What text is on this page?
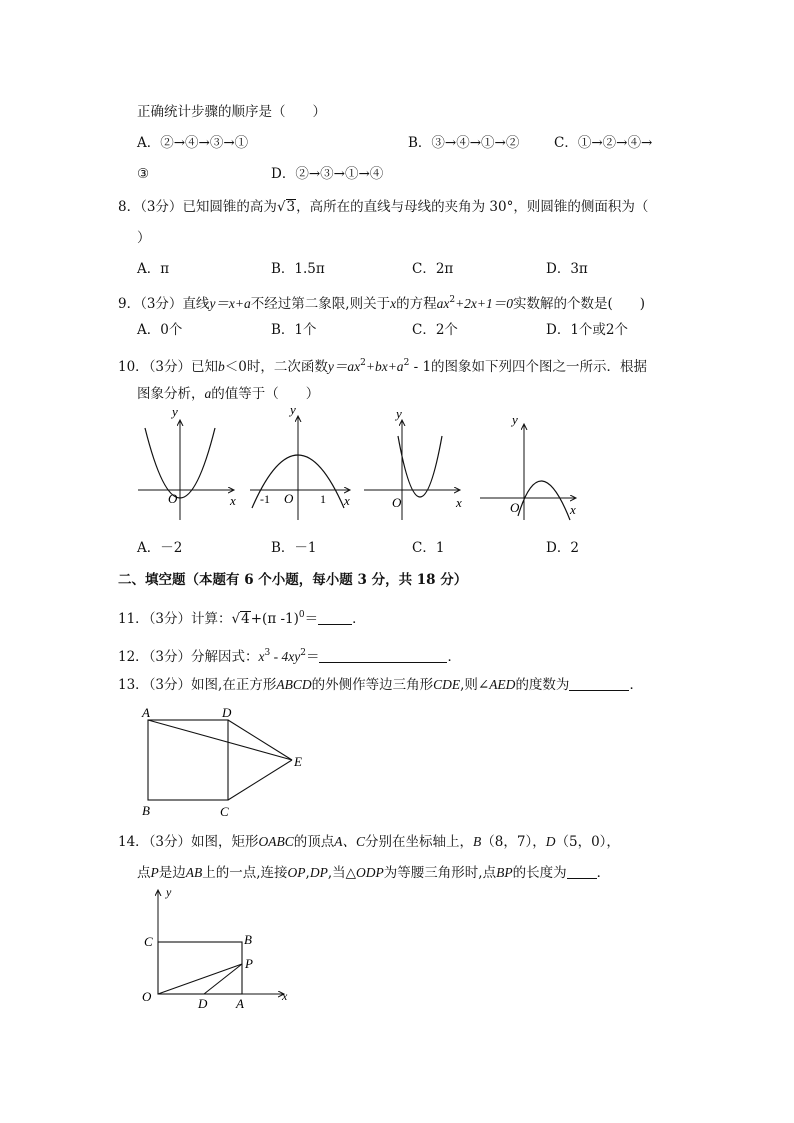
正确统计步骤的顺序是（　　）
A．②→④→③→①	B．③→④→①→②	C．①→②→④→
③	D．②→③→①→④
8．（3分）已知圆锥的高为√3，高所在的直线与母线的夹角为 30°，则圆锥的侧面积为（
）
A．π	B．1.5π	C．2π	D．3π
9．（3分）直线y＝x+a不经过第二象限,则关于x的方程$ax^2+2x+1=0$实数解的个数是(　　)
A．0个	B．1个	C．2个	D．1个或2个
10．（3分）已知b＜0时，二次函数$y=ax^2+bx+a^2 - 1$的图象如下列四个图之一所示．根据
图象分析，a的值等于（　　）
y
x
O
y
x
O
-1	1
y
x
O
y
x
O
A．－2	B．－1	C．1	D．2
二、填空题（本题有 6 个小题，每小题 3 分，共 18 分）
11．（3分）计算：√4+(π -1)$^0$＝	．
12．（3分）分解因式：$x^3 - 4xy^2=$	．
13．（3分）如图,在正方形ABCD的外侧作等边三角形CDE,则∠AED的度数为	．
A	D
E
B	C
14．（3分）如图，矩形OABC的顶点A、C分别在坐标轴上，B（8，7），D（5，0），
点P是边AB上的一点,连接OP,DP,当△ODP为等腰三角形时,点BP的长度为 ．
y
x
C	B
P
O	D A
